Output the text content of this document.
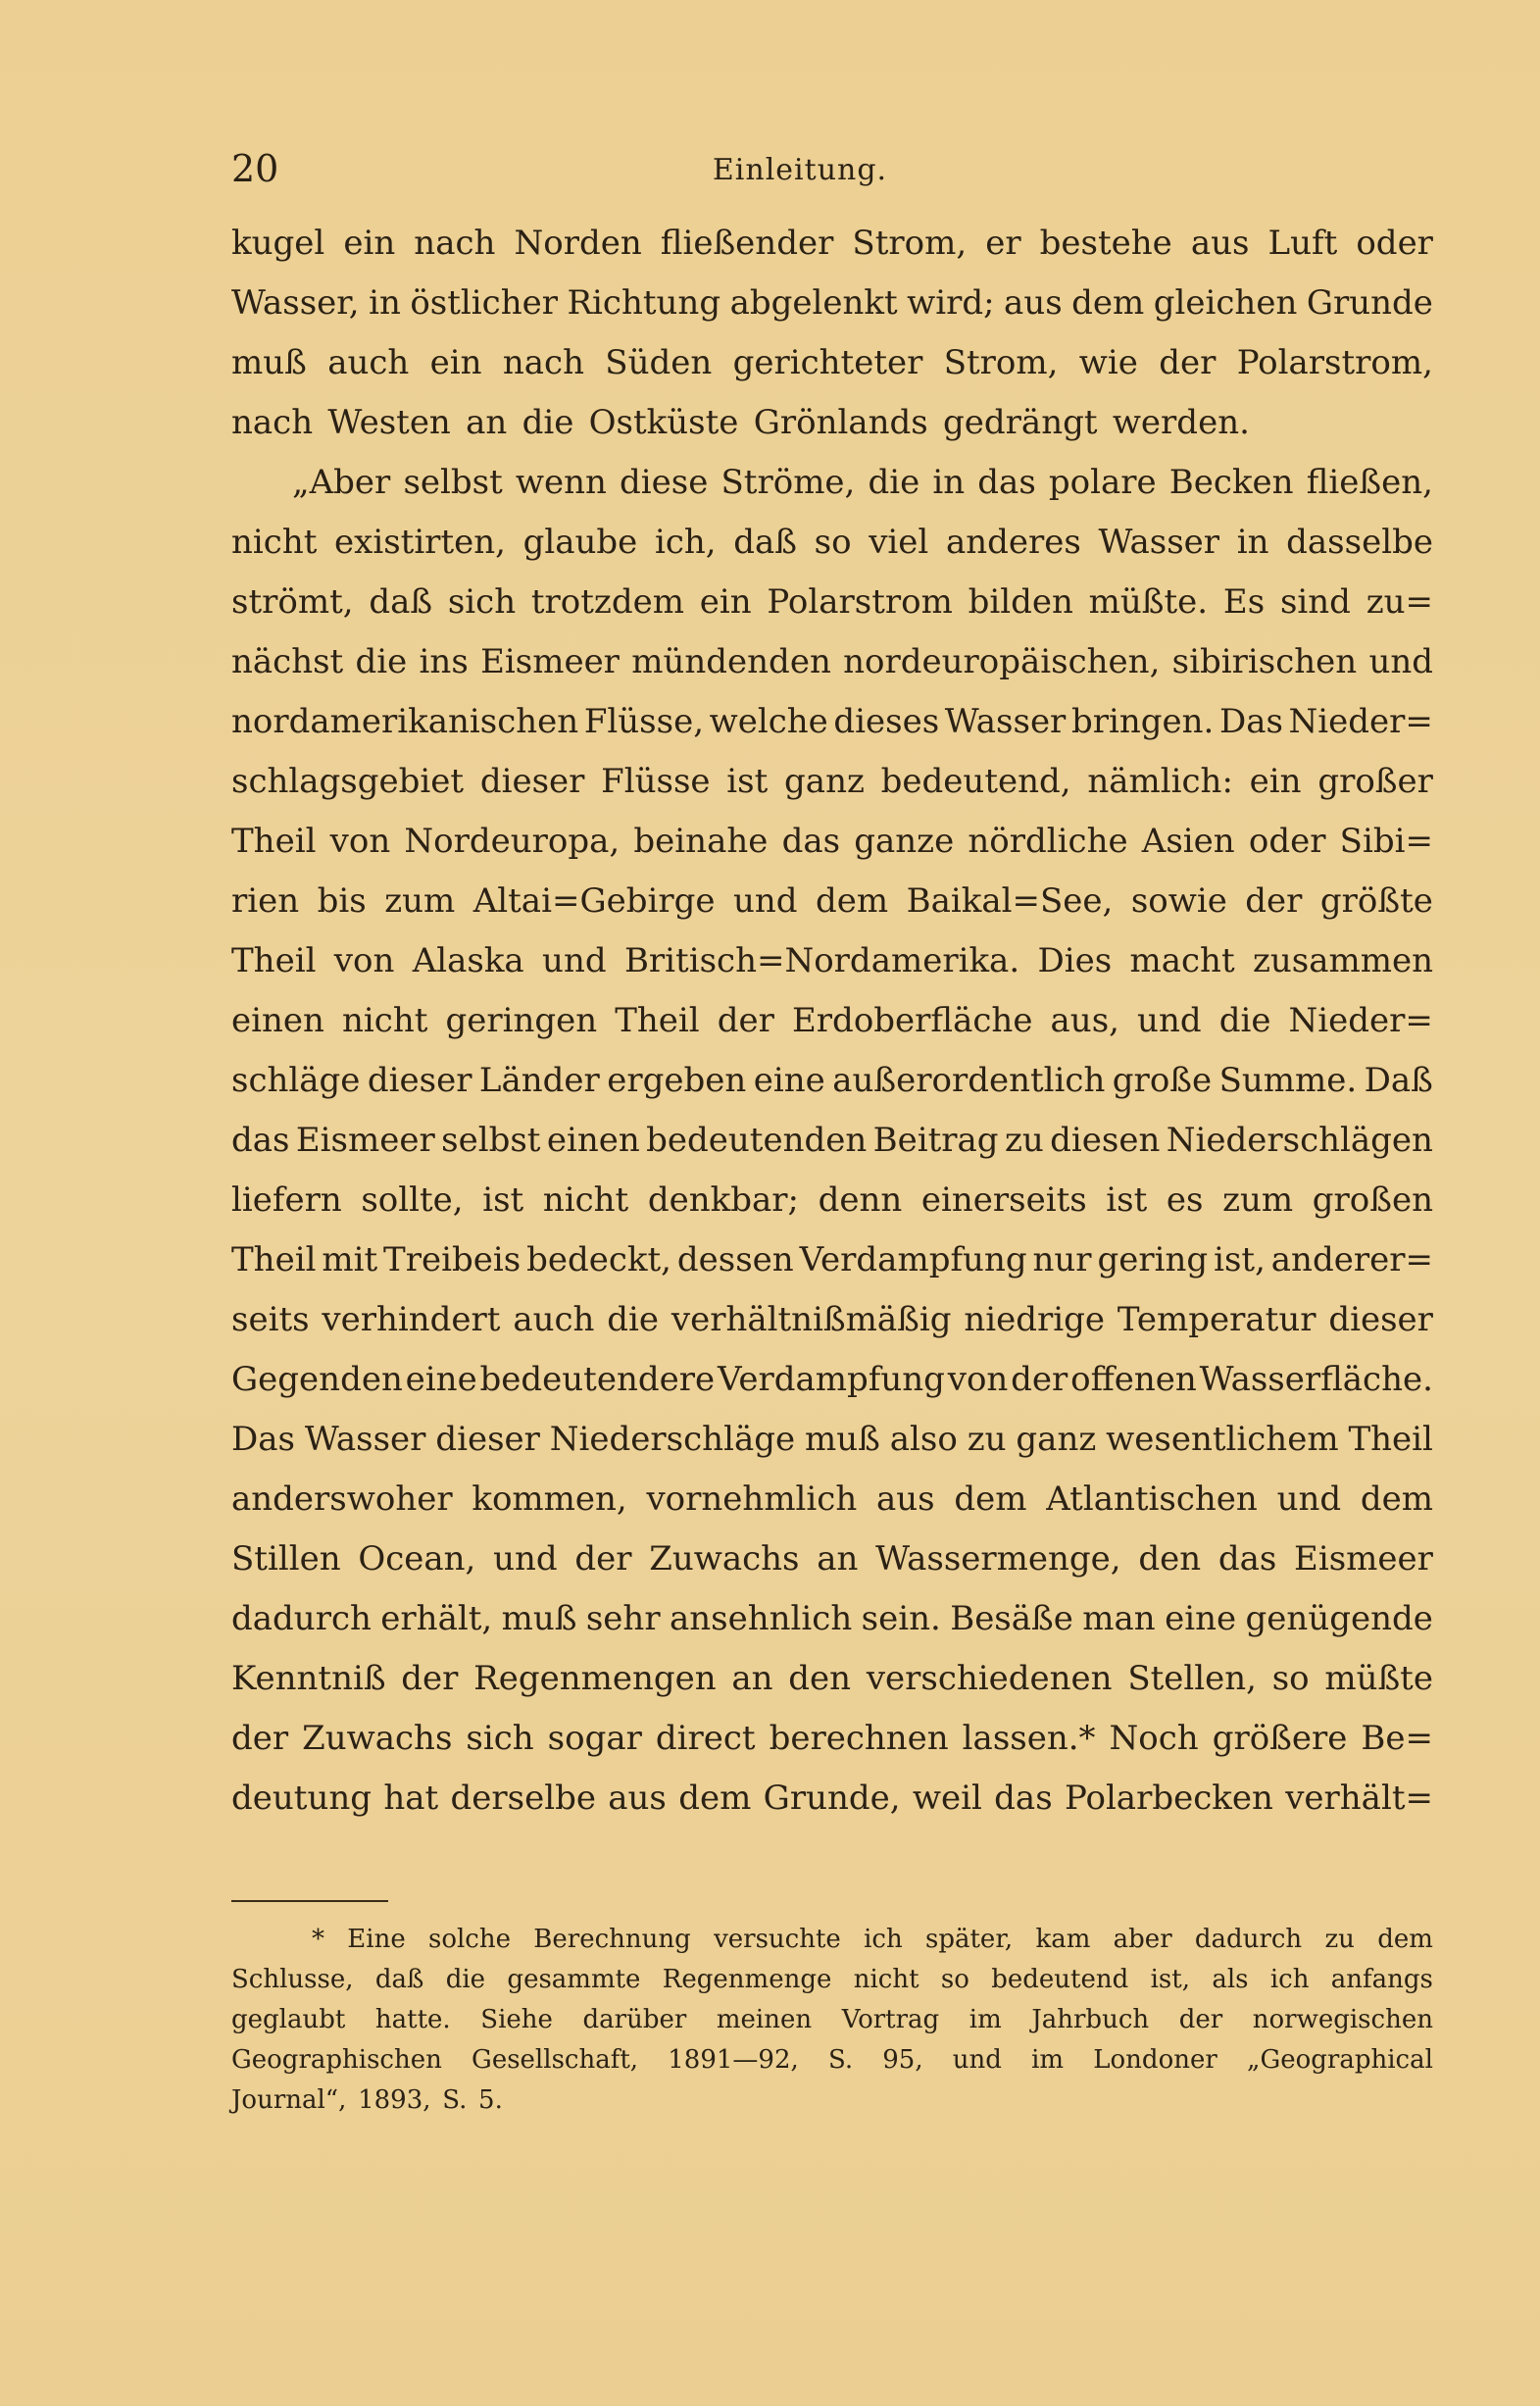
20	Einleitung.
kugel ein nach Norden fließender Strom, er bestehe aus Luft oder
Wasser, in östlicher Richtung abgelenkt wird; aus dem gleichen Grunde
muß auch ein nach Süden gerichteter Strom, wie der Polarstrom,
nach Westen an die Ostküste Grönlands gedrängt werden.
„Aber selbst wenn diese Ströme, die in das polare Becken fließen,
nicht existirten, glaube ich, daß so viel anderes Wasser in dasselbe
strömt, daß sich trotzdem ein Polarstrom bilden müßte. Es sind zu=
nächst die ins Eismeer mündenden nordeuropäischen, sibirischen und
nordamerikanischen Flüsse, welche dieses Wasser bringen. Das Nieder=
schlagsgebiet dieser Flüsse ist ganz bedeutend, nämlich: ein großer
Theil von Nordeuropa, beinahe das ganze nördliche Asien oder Sibi=
rien bis zum Altai=Gebirge und dem Baikal=See, sowie der größte
Theil von Alaska und Britisch=Nordamerika. Dies macht zusammen
einen nicht geringen Theil der Erdoberfläche aus, und die Nieder=
schläge dieser Länder ergeben eine außerordentlich große Summe. Daß
das Eismeer selbst einen bedeutenden Beitrag zu diesen Niederschlägen
liefern sollte, ist nicht denkbar; denn einerseits ist es zum großen
Theil mit Treibeis bedeckt, dessen Verdampfung nur gering ist, anderer=
seits verhindert auch die verhältnißmäßig niedrige Temperatur dieser
Gegenden eine bedeutendere Verdampfung von der offenen Wasserfläche.
Das Wasser dieser Niederschläge muß also zu ganz wesentlichem Theil
anderswoher kommen, vornehmlich aus dem Atlantischen und dem
Stillen Ocean, und der Zuwachs an Wassermenge, den das Eismeer
dadurch erhält, muß sehr ansehnlich sein. Besäße man eine genügende
Kenntniß der Regenmengen an den verschiedenen Stellen, so müßte
der Zuwachs sich sogar direct berechnen lassen.* Noch größere Be=
deutung hat derselbe aus dem Grunde, weil das Polarbecken verhält=
* Eine solche Berechnung versuchte ich später, kam aber dadurch zu dem
Schlusse, daß die gesammte Regenmenge nicht so bedeutend ist, als ich anfangs
geglaubt hatte. Siehe darüber meinen Vortrag im Jahrbuch der norwegischen
Geographischen Gesellschaft, 1891—92, S. 95, und im Londoner „Geographical
Journal“, 1893, S. 5.
